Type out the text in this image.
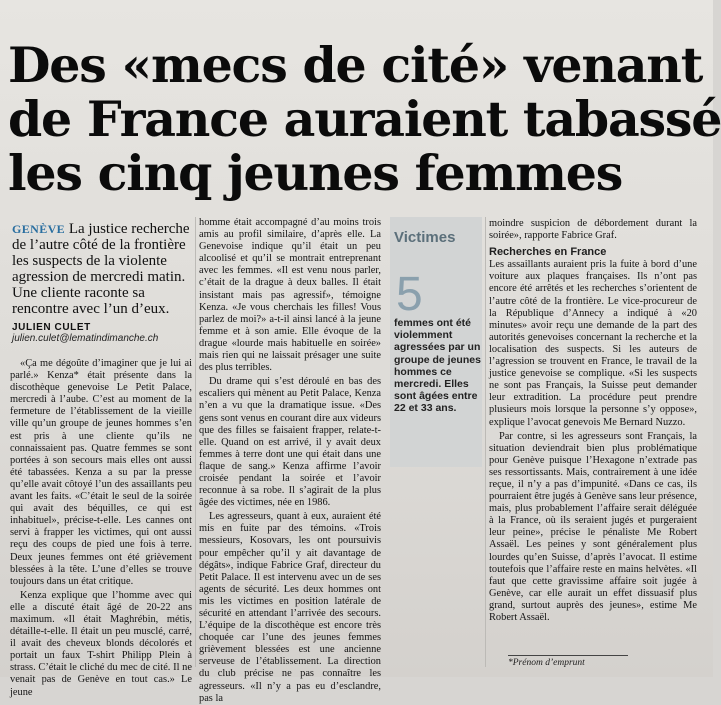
Des «mecs de cité» venant
de France auraient tabassé
les cinq jeunes femmes
GENÈVE La justice recherche de l’autre côté de la frontière les suspects de la violente agression de mercredi matin. Une cliente raconte sa rencontre avec l’un d’eux.
JULIEN CULET
julien.culet@lematindimanche.ch

«Ça me dégoûte d’imaginer que je lui ai parlé.» Kenza* était présente dans la discothèque genevoise Le Petit Palace, mercredi à l’aube. C’est au moment de la fermeture de l’établissement de la vieille ville qu’un groupe de jeunes hommes s’en est pris à une cliente qu’ils ne connaissaient pas. Quatre femmes se sont portées à son secours mais elles ont aussi été tabassées. Kenza a su par la presse qu’elle avait côtoyé l’un des assaillants peu avant les faits. «C’était le seul de la soirée qui avait des béquilles, ce qui est inhabituel», précise-t-elle. Les cannes ont servi à frapper les victimes, qui ont aussi reçu des coups de pied une fois à terre. Deux jeunes femmes ont été grièvement blessées à la tête. L’une d’elles se trouve toujours dans un état critique.

Kenza explique que l’homme avec qui elle a discuté était âgé de 20-22 ans maximum. «Il était Maghrébin, métis, détaille-t-elle. Il était un peu musclé, carré, il avait des cheveux blonds décolorés et portait un faux T-shirt Philipp Plein à strass. C’était le cliché du mec de cité. Il ne venait pas de Genève en tout cas.» Le jeune

homme était accompagné d’au moins trois amis au profil similaire, d’après elle. La Genevoise indique qu’il était un peu alcoolisé et qu’il se montrait entreprenant avec les femmes. «Il est venu nous parler, c’était de la drague à deux balles. Il était insistant mais pas agressif», témoigne Kenza. «Je vous cherchais les filles! Vous parlez de moi?» a-t-il ainsi lancé à la jeune femme et à son amie. Elle évoque de la drague «lourde mais habituelle en soirée» mais rien qui ne laissait présager une suite des plus terribles.

Du drame qui s’est déroulé en bas des escaliers qui mènent au Petit Palace, Kenza n’en a vu que la dramatique issue. «Des gens sont venus en courant dire aux videurs que des filles se faisaient frapper, relate-t-elle. Quand on est arrivé, il y avait deux femmes à terre dont une qui était dans une flaque de sang.» Kenza affirme l’avoir croisée pendant la soirée et l’avoir reconnue à sa robe. Il s’agirait de la plus âgée des victimes, née en 1986.

Les agresseurs, quant à eux, auraient été mis en fuite par des témoins. «Trois messieurs, Kosovars, les ont poursuivis pour empêcher qu’il y ait davantage de dégâts», indique Fabrice Graf, directeur du Petit Palace. Il est intervenu avec un de ses agents de sécurité. Les deux hommes ont mis les victimes en position latérale de sécurité en attendant l’arrivée des secours. L’équipe de la discothèque est encore très choquée car l’une des jeunes femmes grièvement blessées est une ancienne serveuse de l’établissement. La direction du club précise ne pas connaître les agresseurs. «Il n’y a pas eu d’esclandre, pas la

Victimes
5
femmes ont été violemment agressées par un groupe de jeunes hommes ce mercredi. Elles sont âgées entre 22 et 33 ans.

moindre suspicion de débordement durant la soirée», rapporte Fabrice Graf.

Recherches en France

Les assaillants auraient pris la fuite à bord d’une voiture aux plaques françaises. Ils n’ont pas encore été arrêtés et les recherches s’orientent de l’autre côté de la frontière. Le vice-procureur de la République d’Annecy a indiqué à «20 minutes» avoir reçu une demande de la part des autorités genevoises concernant la recherche et la localisation des suspects. Si les auteurs de l’agression se trouvent en France, le travail de la justice genevoise se complique. «Si les suspects ne sont pas Français, la Suisse peut demander leur extradition. La procédure peut prendre plusieurs mois lorsque la personne s’y oppose», explique l’avocat genevois Me Bernard Nuzzo.

Par contre, si les agresseurs sont Français, la situation deviendrait bien plus problématique pour Genève puisque l’Hexagone n’extrade pas ses ressortissants. Mais, contrairement à une idée reçue, il n’y a pas d’impunité. «Dans ce cas, ils pourraient être jugés à Genève sans leur présence, mais, plus probablement l’affaire serait déléguée à la France, où ils seraient jugés et purgeraient leur peine», précise le pénaliste Me Robert Assaël. Les peines y sont généralement plus lourdes qu’en Suisse, d’après l’avocat. Il estime toutefois que l’affaire reste en mains helvètes. «Il faut que cette gravissime affaire soit jugée à Genève, car elle aurait un effet dissuasif plus grand, surtout auprès des jeunes», estime Me Robert Assaël.

*Prénom d’emprunt
